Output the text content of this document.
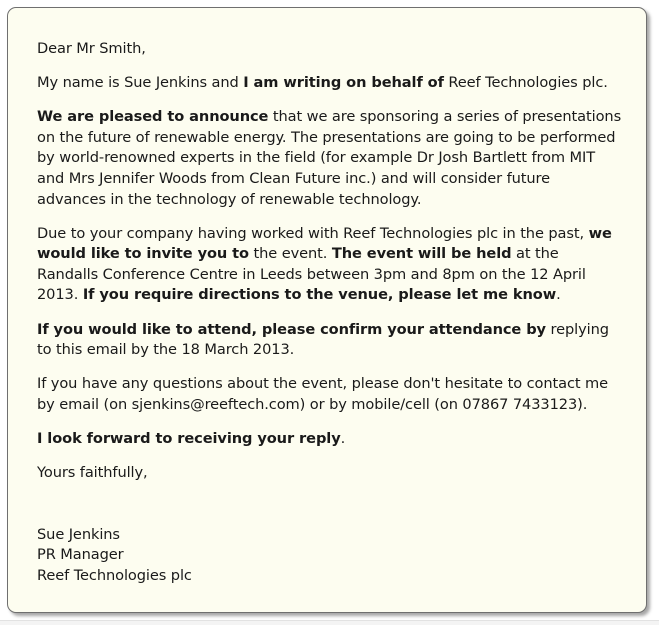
Dear Mr Smith,

My name is Sue Jenkins and I am writing on behalf of Reef Technologies plc.

We are pleased to announce that we are sponsoring a series of presentations on the future of renewable energy. The presentations are going to be performed by world-renowned experts in the field (for example Dr Josh Bartlett from MIT and Mrs Jennifer Woods from Clean Future inc.) and will consider future advances in the technology of renewable technology.

Due to your company having worked with Reef Technologies plc in the past, we would like to invite you to the event. The event will be held at the Randalls Conference Centre in Leeds between 3pm and 8pm on the 12 April 2013. If you require directions to the venue, please let me know.

If you would like to attend, please confirm your attendance by replying to this email by the 18 March 2013.

If you have any questions about the event, please don't hesitate to contact me by email (on sjenkins@reeftech.com) or by mobile/cell (on 07867 7433123).

I look forward to receiving your reply.

Yours faithfully,

Sue Jenkins
PR Manager
Reef Technologies plc
